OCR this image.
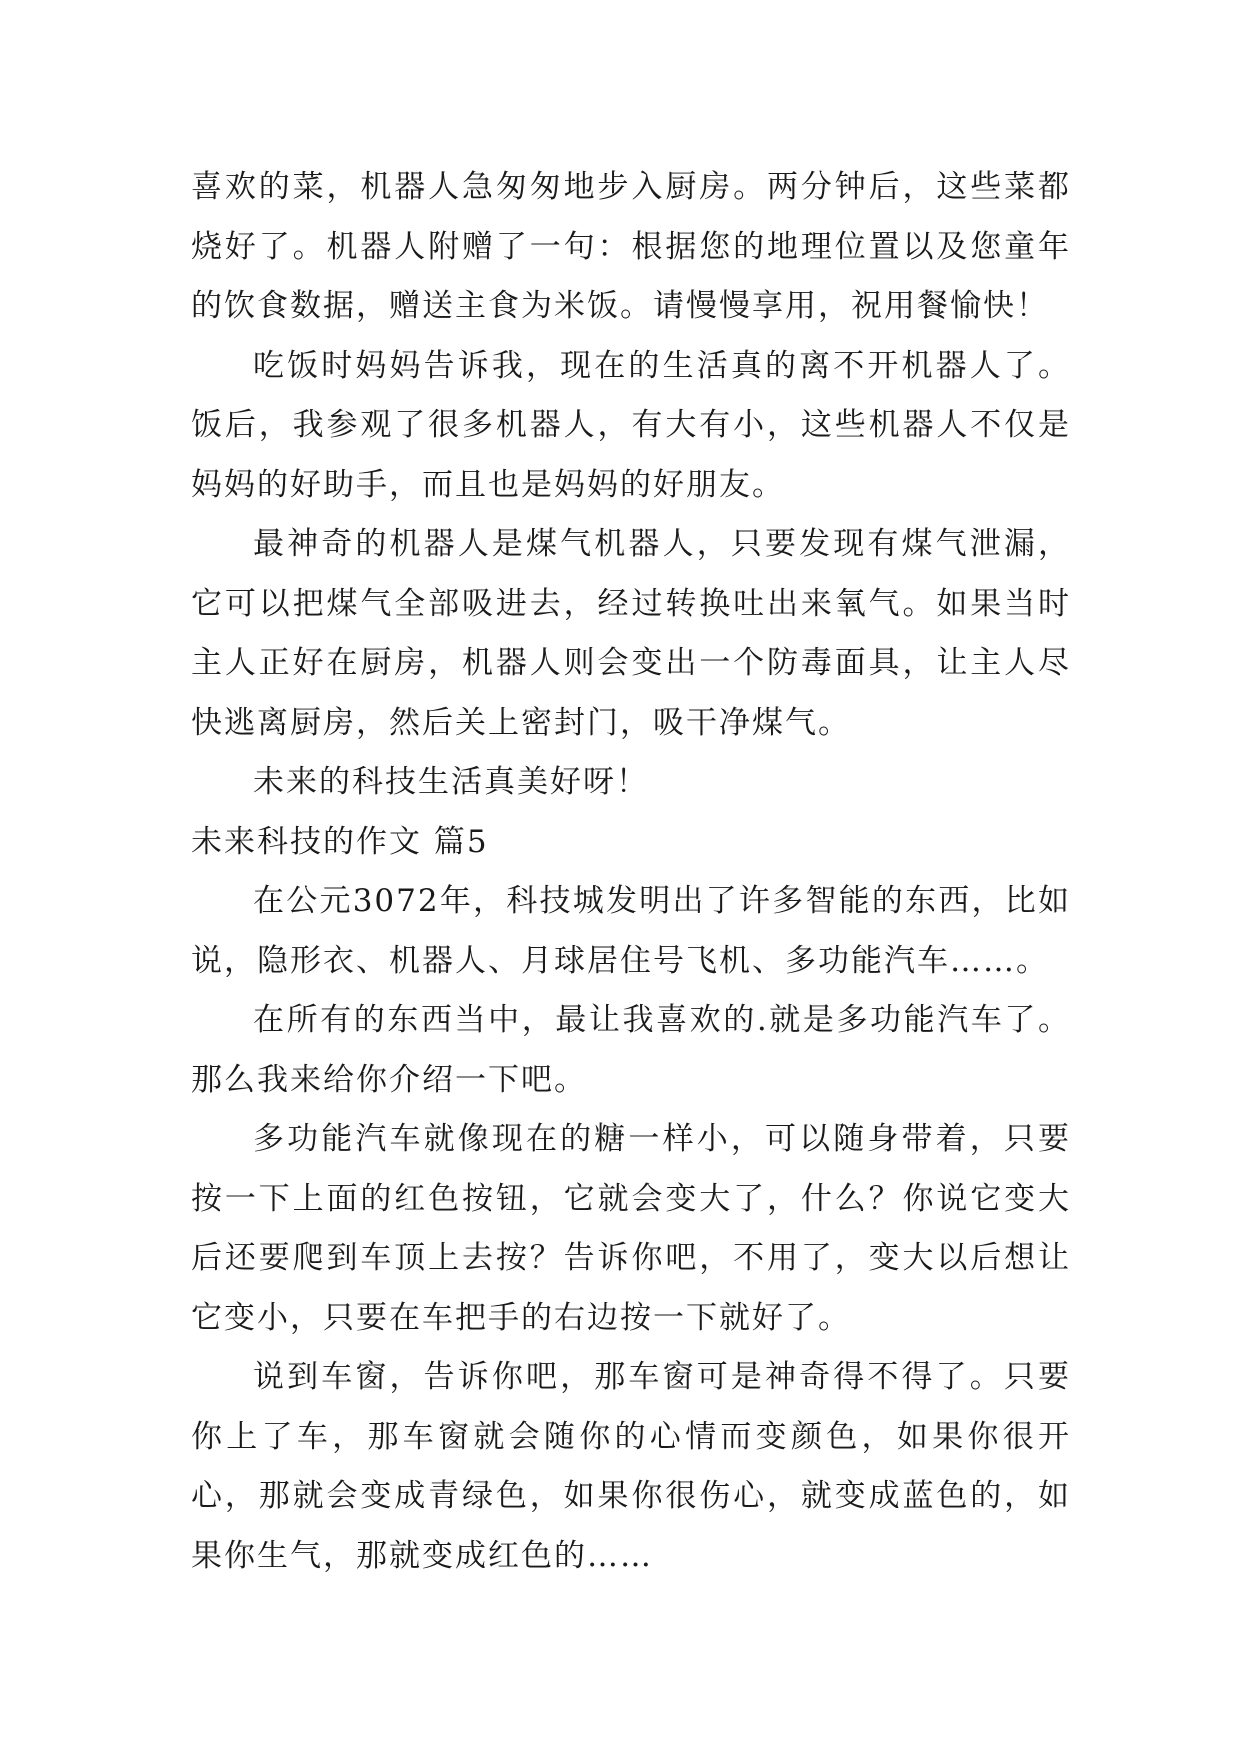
喜欢的菜，机器人急匆匆地步入厨房。两分钟后，这些菜都烧好了。机器人附赠了一句：根据您的地理位置以及您童年的饮食数据，赠送主食为米饭。请慢慢享用，祝用餐愉快！

吃饭时妈妈告诉我，现在的生活真的离不开机器人了。饭后，我参观了很多机器人，有大有小，这些机器人不仅是妈妈的好助手，而且也是妈妈的好朋友。

最神奇的机器人是煤气机器人，只要发现有煤气泄漏，它可以把煤气全部吸进去，经过转换吐出来氧气。如果当时主人正好在厨房，机器人则会变出一个防毒面具，让主人尽快逃离厨房，然后关上密封门，吸干净煤气。

未来的科技生活真美好呀！

未来科技的作文 篇5

在公元3072年，科技城发明出了许多智能的东西，比如说，隐形衣、机器人、月球居住号飞机、多功能汽车……。

在所有的东西当中，最让我喜欢的.就是多功能汽车了。那么我来给你介绍一下吧。

多功能汽车就像现在的糖一样小，可以随身带着，只要按一下上面的红色按钮，它就会变大了，什么？你说它变大后还要爬到车顶上去按？告诉你吧，不用了，变大以后想让它变小，只要在车把手的右边按一下就好了。

说到车窗，告诉你吧，那车窗可是神奇得不得了。只要你上了车，那车窗就会随你的心情而变颜色，如果你很开心，那就会变成青绿色，如果你很伤心，就变成蓝色的，如果你生气，那就变成红色的……
